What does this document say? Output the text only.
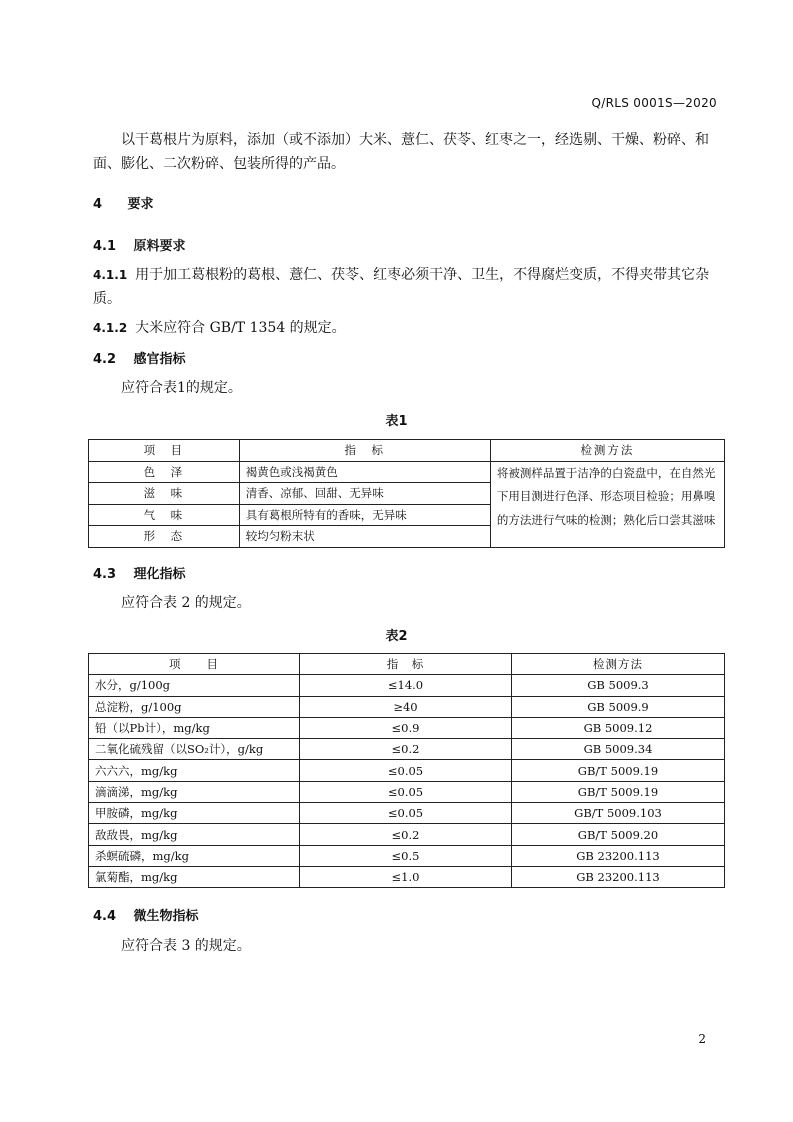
Q/RLS 0001S—2020
以干葛根片为原料，添加（或不添加）大米、薏仁、茯苓、红枣之一，经选剔、干燥、粉碎、和面、膨化、二次粉碎、包装所得的产品。
4 要求
4.1 原料要求
4.1.1 用于加工葛根粉的葛根、薏仁、茯苓、红枣必须干净、卫生，不得腐烂变质，不得夹带其它杂质。
4.1.2 大米应符合 GB/T 1354 的规定。
4.2 感官指标
应符合表1的规定。
表1
项　目	指　标	检测方法
色　泽	褐黄色或浅褐黄色	将被测样品置于洁净的白瓷盘中，在自然光下用目测进行色泽、形态项目检验；用鼻嗅的方法进行气味的检测；熟化后口尝其滋味
滋　味	清香、凉郁、回甜、无异味	
气　味	具有葛根所特有的香味，无异味	
形　态	较均匀粉末状	
4.3 理化指标
应符合表 2 的规定。
表2
项　　目	指　标	检测方法
水分，g/100g	≤14.0	GB 5009.3
总淀粉，g/100g	≥40	GB 5009.9
铅（以Pb计），mg/kg	≤0.9	GB 5009.12
二氧化硫残留（以SO₂计），g/kg	≤0.2	GB 5009.34
六六六，mg/kg	≤0.05	GB/T 5009.19
滴滴涕，mg/kg	≤0.05	GB/T 5009.19
甲胺磷，mg/kg	≤0.05	GB/T 5009.103
敌敌畏，mg/kg	≤0.2	GB/T 5009.20
杀螟硫磷，mg/kg	≤0.5	GB 23200.113
氯菊酯，mg/kg	≤1.0	GB 23200.113
4.4 微生物指标
应符合表 3 的规定。
2
